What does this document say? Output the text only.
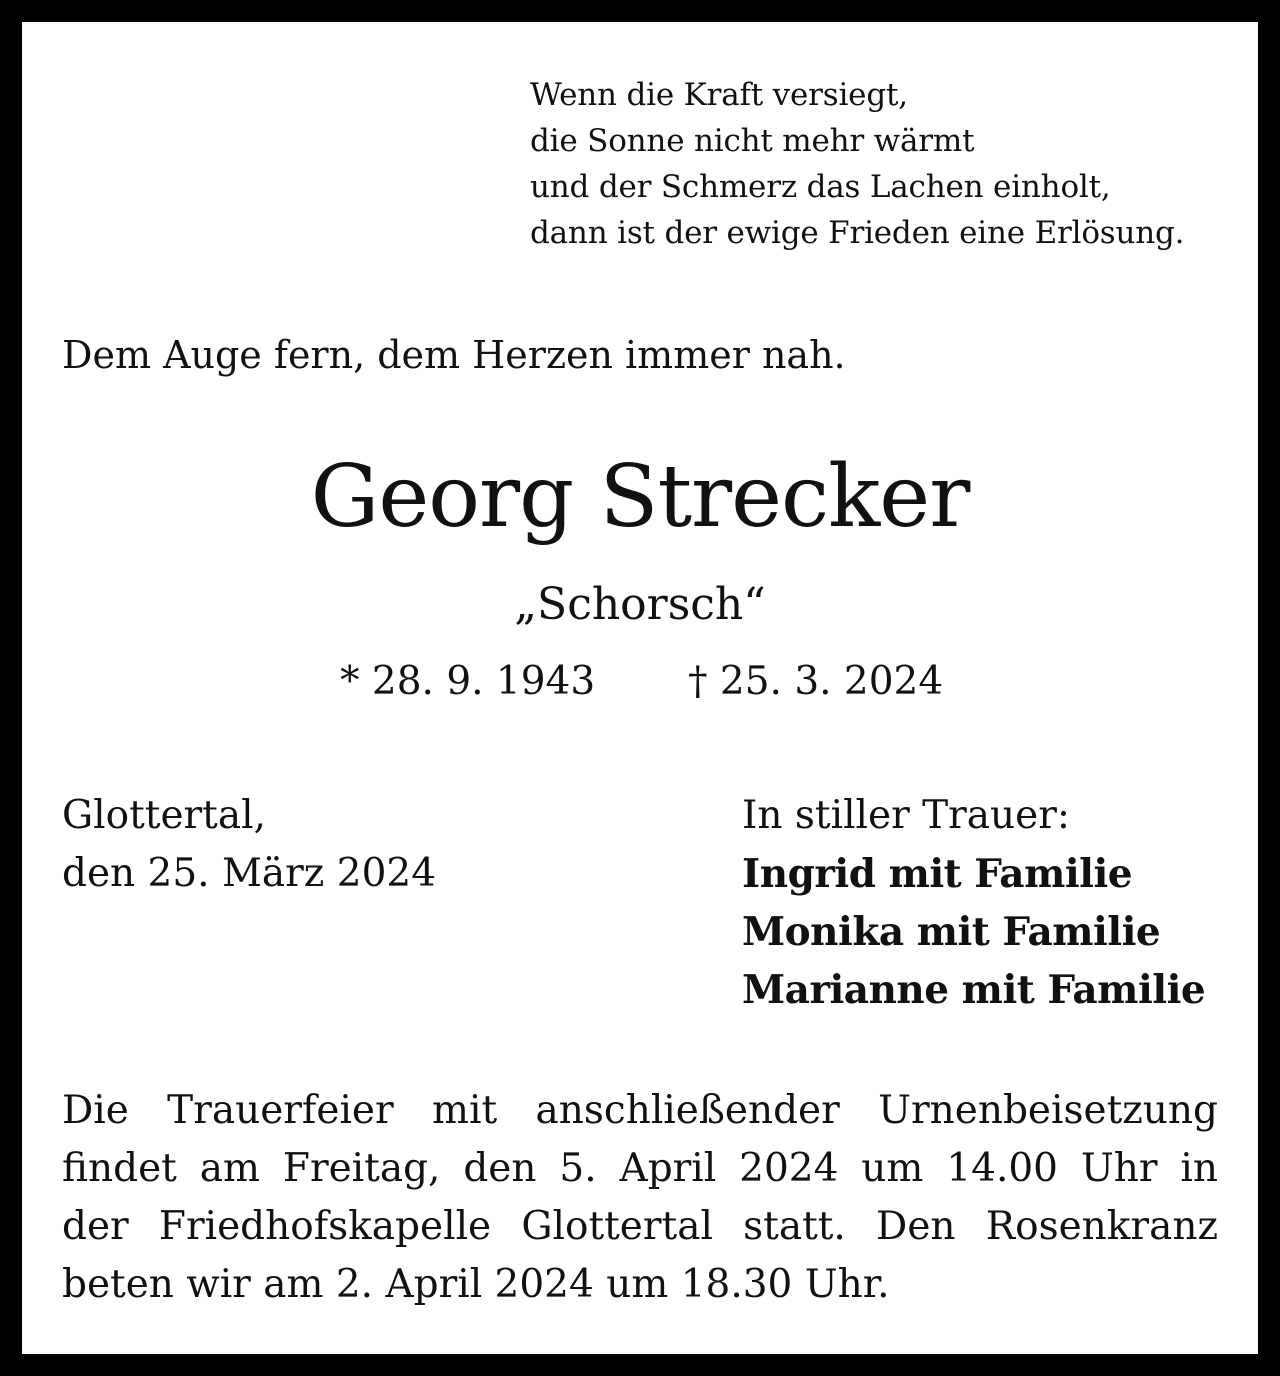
Wenn die Kraft versiegt,
die Sonne nicht mehr wärmt
und der Schmerz das Lachen einholt,
dann ist der ewige Frieden eine Erlösung.
Dem Auge fern, dem Herzen immer nah.
Georg Strecker
„Schorsch“
* 28. 9. 1943 † 25. 3. 2024
Glottertal,
den 25. März 2024
In stiller Trauer:
Ingrid mit Familie
Monika mit Familie
Marianne mit Familie
Die Trauerfeier mit anschließender Urnenbeisetzung
findet am Freitag, den 5. April 2024 um 14.00 Uhr in
der Friedhofskapelle Glottertal statt. Den Rosenkranz
beten wir am 2. April 2024 um 18.30 Uhr.
